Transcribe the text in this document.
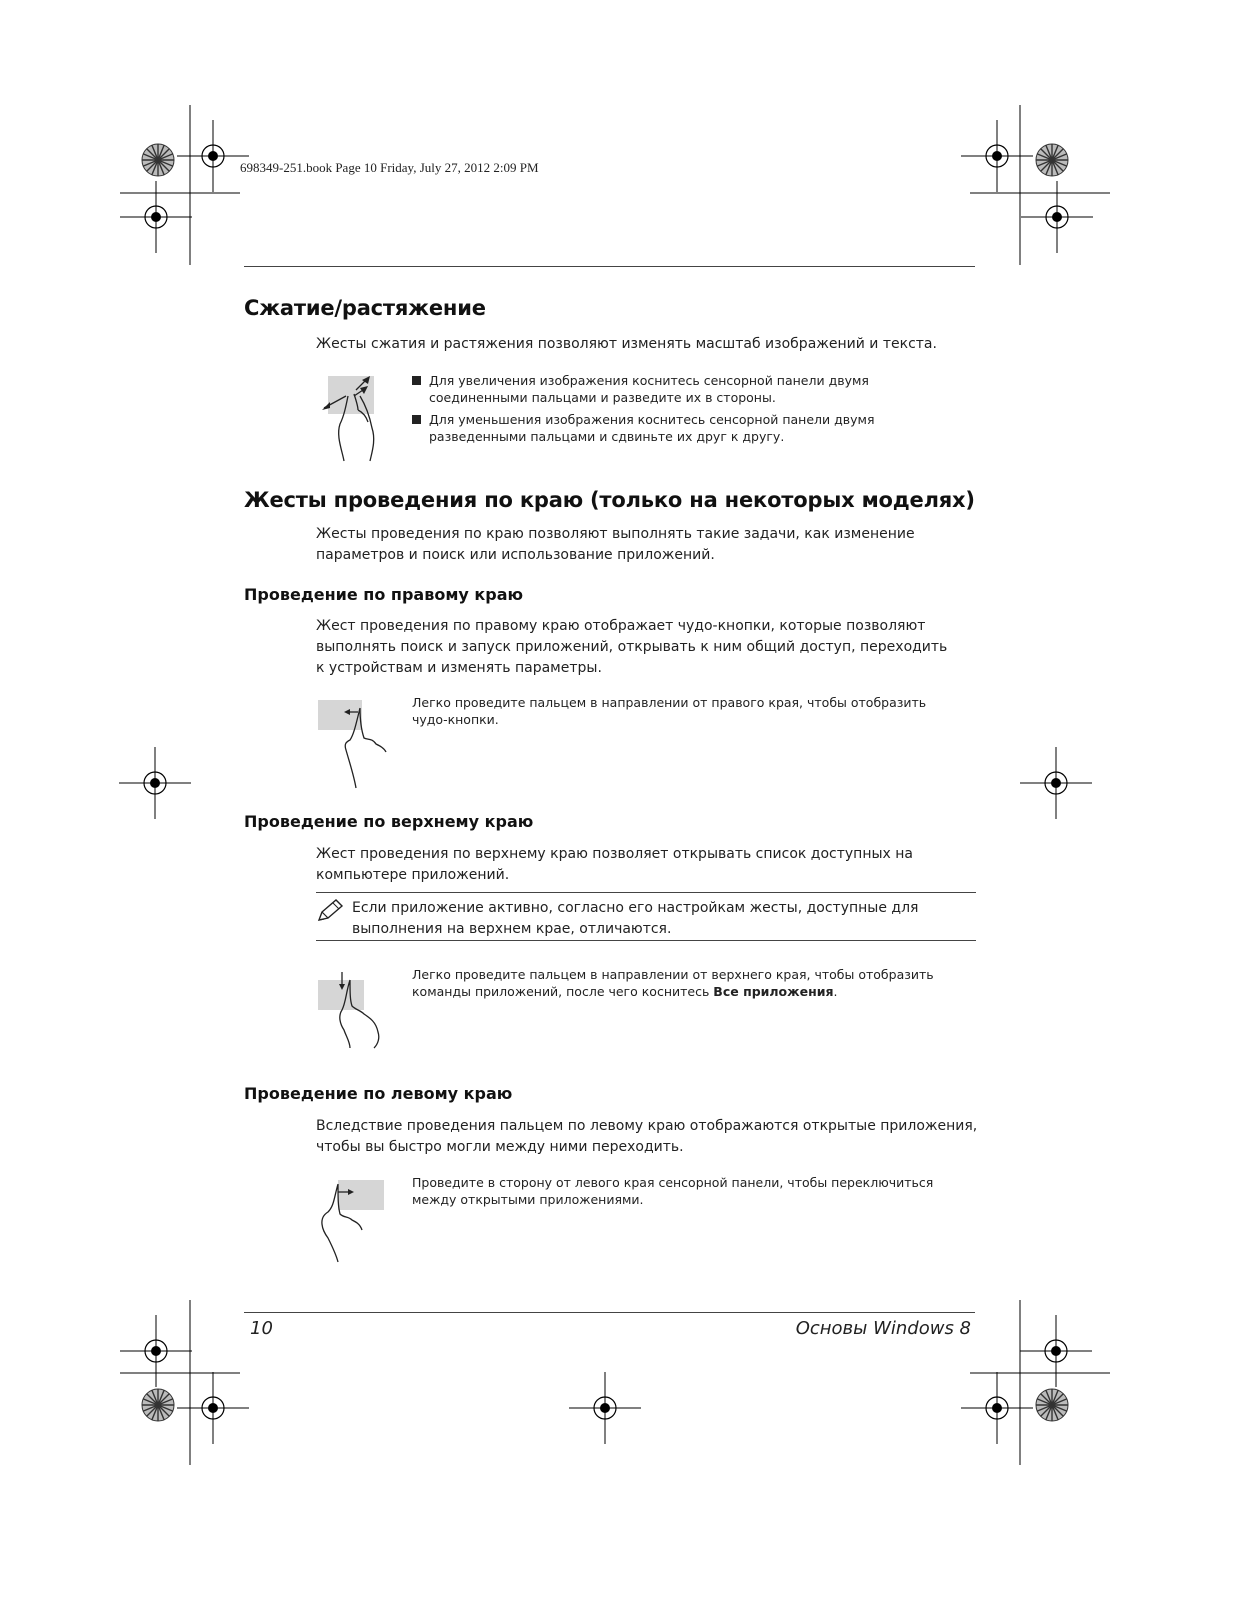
698349-251.book Page 10 Friday, July 27, 2012 2:09 PM
Сжатие/растяжение
Жесты сжатия и растяжения позволяют изменять масштаб изображений и текста.
Для увеличения изображения коснитесь сенсорной панели двумя соединенными пальцами и разведите их в стороны.
Для уменьшения изображения коснитесь сенсорной панели двумя разведенными пальцами и сдвиньте их друг к другу.
Жесты проведения по краю (только на некоторых моделях)
Жесты проведения по краю позволяют выполнять такие задачи, как изменение
параметров и поиск или использование приложений.
Проведение по правому краю
Жест проведения по правому краю отображает чудо-кнопки, которые позволяют
выполнять поиск и запуск приложений, открывать к ним общий доступ, переходить
к устройствам и изменять параметры.
Легко проведите пальцем в направлении от правого края, чтобы отобразить чудо-кнопки.
Проведение по верхнему краю
Жест проведения по верхнему краю позволяет открывать список доступных на
компьютере приложений.
Если приложение активно, согласно его настройкам жесты, доступные для
выполнения на верхнем крае, отличаются.
Легко проведите пальцем в направлении от верхнего края, чтобы отобразить команды приложений, после чего коснитесь Все приложения.
Проведение по левому краю
Вследствие проведения пальцем по левому краю отображаются открытые приложения,
чтобы вы быстро могли между ними переходить.
Проведите в сторону от левого края сенсорной панели, чтобы переключиться между открытыми приложениями.
10	Основы Windows 8
